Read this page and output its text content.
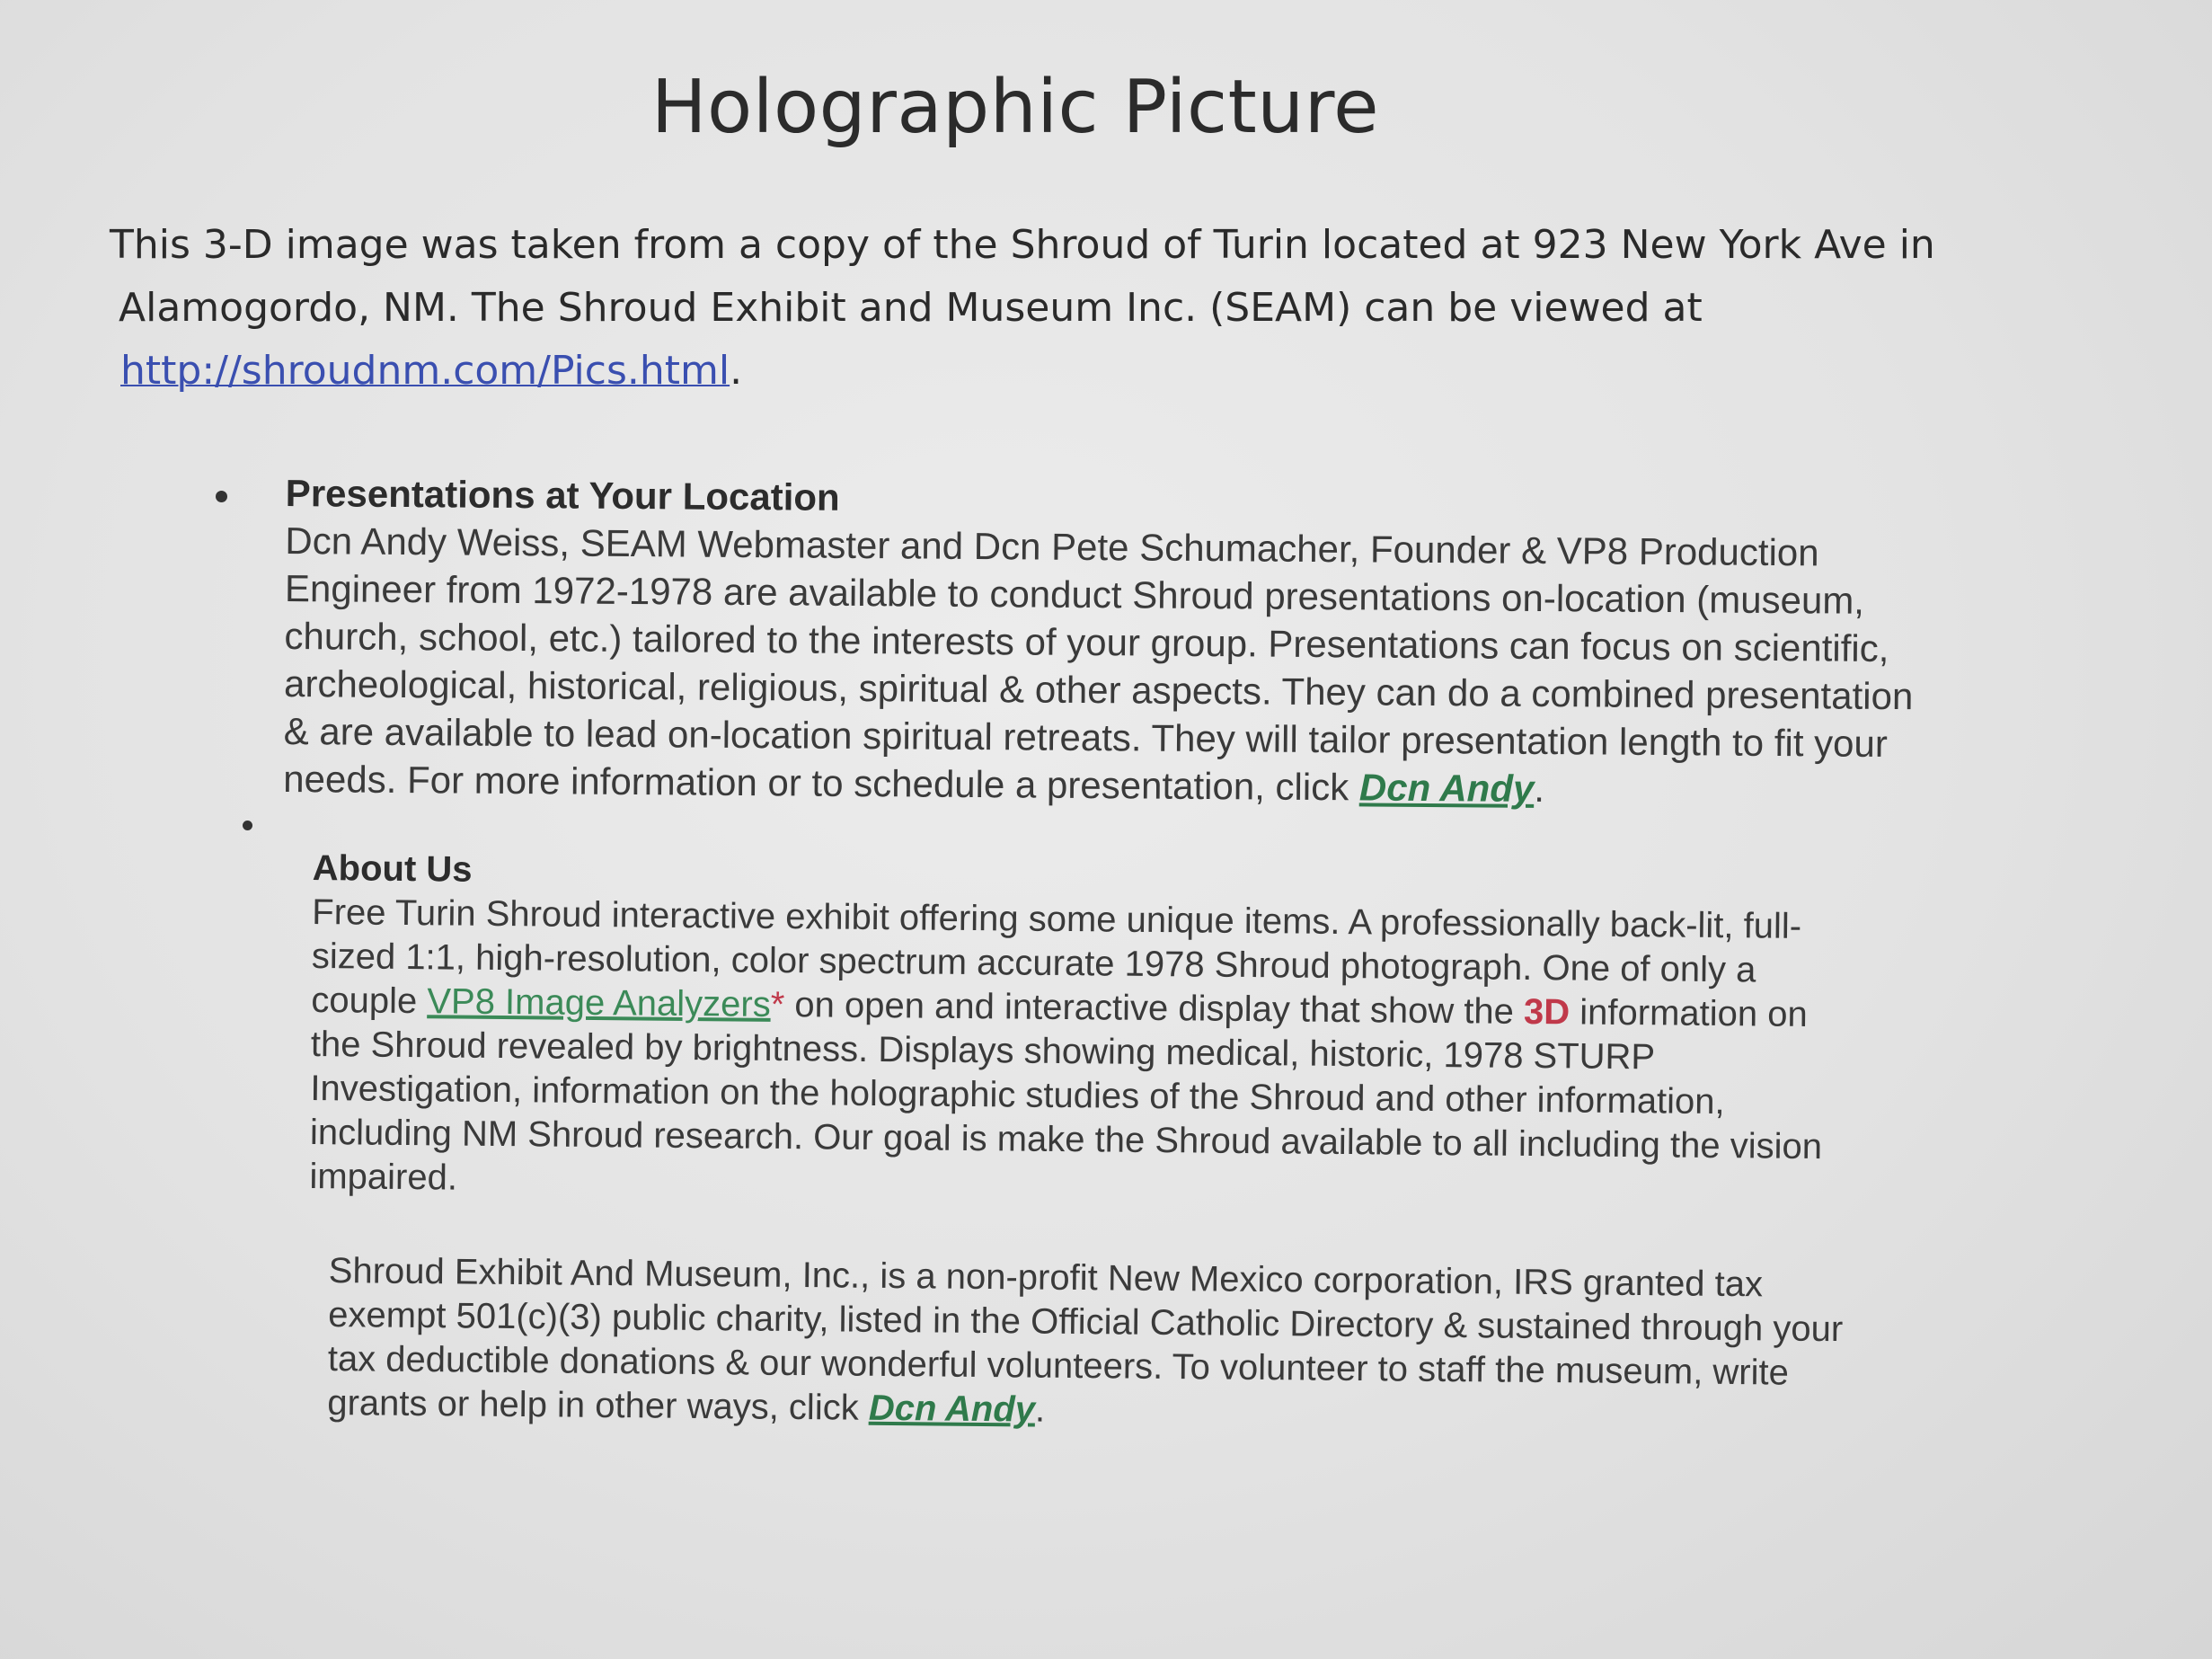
Holographic Picture
This 3-D image was taken from a copy of the Shroud of Turin located at 923 New York Ave in
Alamogordo, NM. The Shroud Exhibit and Museum Inc. (SEAM) can be viewed at
http://shroudnm.com/Pics.html.
Presentations at Your Location
Dcn Andy Weiss, SEAM Webmaster and Dcn Pete Schumacher, Founder & VP8 Production
Engineer from 1972-1978 are available to conduct Shroud presentations on-location (museum,
church, school, etc.) tailored to the interests of your group. Presentations can focus on scientific,
archeological, historical, religious, spiritual & other aspects. They can do a combined presentation
& are available to lead on-location spiritual retreats. They will tailor presentation length to fit your
needs. For more information or to schedule a presentation, click Dcn Andy.
About Us
Free Turin Shroud interactive exhibit offering some unique items. A professionally back-lit, full-
sized 1:1, high-resolution, color spectrum accurate 1978 Shroud photograph. One of only a
couple VP8 Image Analyzers* on open and interactive display that show the 3D information on
the Shroud revealed by brightness. Displays showing medical, historic, 1978 STURP
Investigation, information on the holographic studies of the Shroud and other information,
including NM Shroud research. Our goal is make the Shroud available to all including the vision
impaired.
Shroud Exhibit And Museum, Inc., is a non-profit New Mexico corporation, IRS granted tax
exempt 501(c)(3) public charity, listed in the Official Catholic Directory & sustained through your
tax deductible donations & our wonderful volunteers. To volunteer to staff the museum, write
grants or help in other ways, click Dcn Andy.
